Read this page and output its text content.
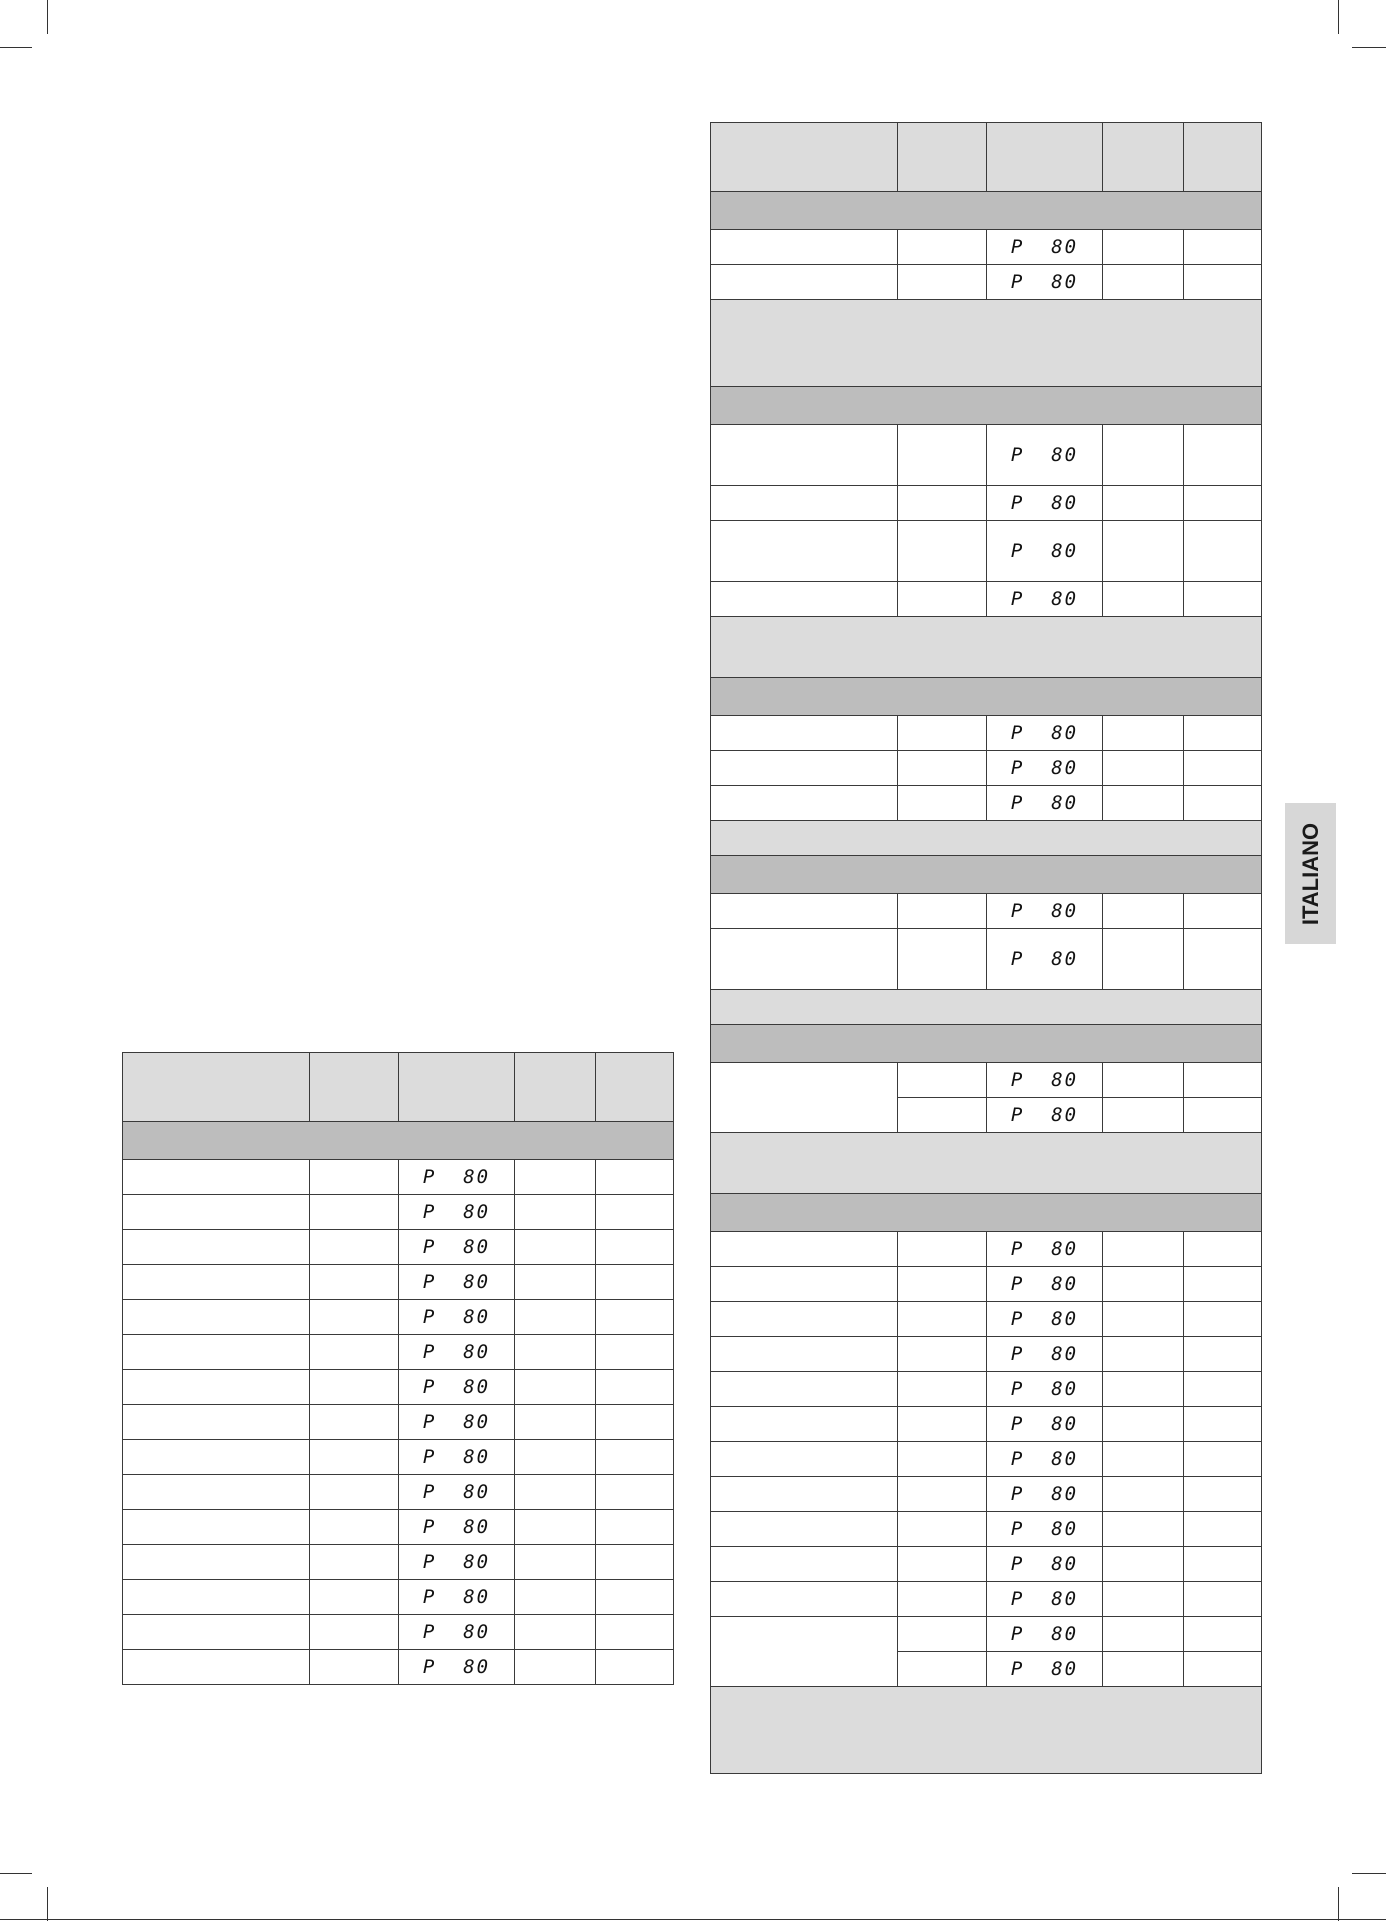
ITALIANO

		P  80		
		P  80		
		P  80		
		P  80		
		P  80		
		P  80		
		P  80		
		P  80		
		P  80		
		P  80		
		P  80		
		P  80		
		P  80		
		P  80		
		P  80		

		P  80		
		P  80		

		P  80		
		P  80		
		P  80		
		P  80		

		P  80		
		P  80		
		P  80		

		P  80		
		P  80		

		P  80		
		P  80		

		P  80		
		P  80		
		P  80		
		P  80		
		P  80		
		P  80		
		P  80		
		P  80		
		P  80		
		P  80		
		P  80		
		P  80		
		P  80		
